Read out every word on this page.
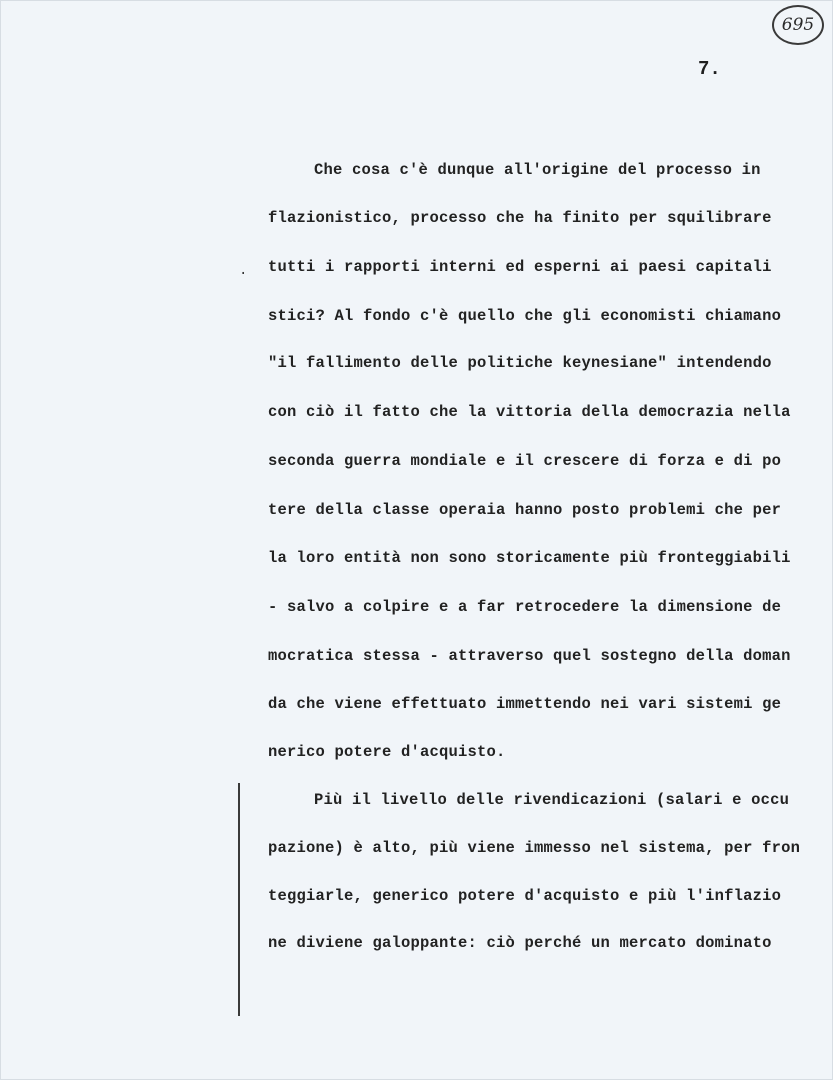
695
7.
.
Che cosa c'è dunque all'origine del processo in
flazionistico, processo che ha finito per squilibrare
tutti i rapporti interni ed esperni ai paesi capitali
stici? Al fondo c'è quello che gli economisti chiamano
"il fallimento delle politiche keynesiane" intendendo
con ciò il fatto che la vittoria della democrazia nella
seconda guerra mondiale e il crescere di forza e di po
tere della classe operaia hanno posto problemi che per
la loro entità non sono storicamente più fronteggiabili
- salvo a colpire e a far retrocedere la dimensione de
mocratica stessa - attraverso quel sostegno della doman
da che viene effettuato immettendo nei vari sistemi ge
nerico potere d'acquisto.
Più il livello delle rivendicazioni (salari e occu
pazione) è alto, più viene immesso nel sistema, per fron
teggiarle, generico potere d'acquisto e più l'inflazio
ne diviene galoppante: ciò perché un mercato dominato
